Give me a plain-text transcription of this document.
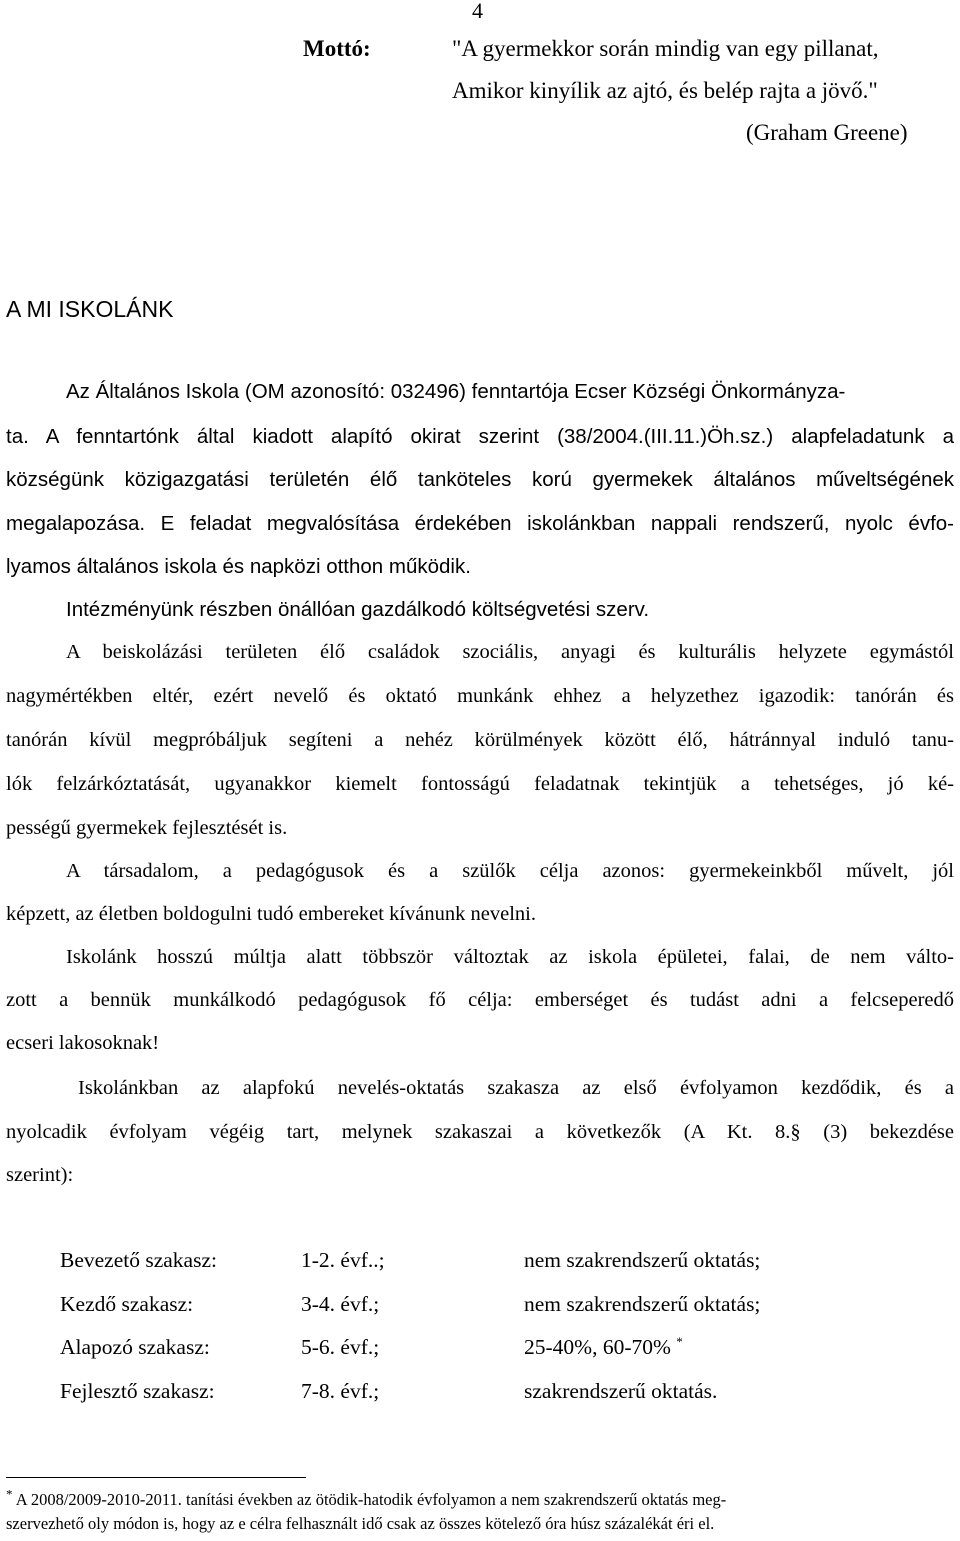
4
Mottó:	"A gyermekkor során mindig van egy pillanat,
Amikor kinyílik az ajtó, és belép rajta a jövő."
(Graham Greene)
A MI ISKOLÁNK
Az Általános Iskola (OM azonosító: 032496) fenntartója Ecser Községi Önkormányza-
ta. A fenntartónk által kiadott alapító okirat szerint (38/2004.(III.11.)Öh.sz.) alapfeladatunk a
községünk közigazgatási területén élő tanköteles korú gyermekek általános műveltségének
megalapozása. E feladat megvalósítása érdekében iskolánkban nappali rendszerű, nyolc évfo-
lyamos általános iskola és napközi otthon működik.
Intézményünk részben önállóan gazdálkodó költségvetési szerv.
A beiskolázási területen élő családok szociális, anyagi és kulturális helyzete egymástól
nagymértékben eltér, ezért nevelő és oktató munkánk ehhez a helyzethez igazodik: tanórán és
tanórán kívül megpróbáljuk segíteni a nehéz körülmények között élő, hátránnyal induló tanu-
lók felzárkóztatását, ugyanakkor kiemelt fontosságú feladatnak tekintjük a tehetséges, jó ké-
pességű gyermekek fejlesztését is.
A társadalom, a pedagógusok és a szülők célja azonos: gyermekeinkből művelt, jól
képzett, az életben boldogulni tudó embereket kívánunk nevelni.
Iskolánk hosszú múltja alatt többször változtak az iskola épületei, falai, de nem válto-
zott a bennük munkálkodó pedagógusok fő célja: emberséget és tudást adni a felcseperedő
ecseri lakosoknak!
Iskolánkban az alapfokú nevelés-oktatás szakasza az első évfolyamon kezdődik, és a
nyolcadik évfolyam végéig tart, melynek szakaszai a következők (A Kt. 8.§ (3) bekezdése
szerint):
Bevezető szakasz:	1-2. évf..;	nem szakrendszerű oktatás;
Kezdő szakasz:	3-4. évf.;	nem szakrendszerű oktatás;
Alapozó szakasz:	5-6. évf.;	25-40%, 60-70% *
Fejlesztő szakasz:	7-8. évf.;	szakrendszerű oktatás.
* A 2008/2009-2010-2011. tanítási években az ötödik-hatodik évfolyamon a nem szakrendszerű oktatás meg-
szervezhető oly módon is, hogy az e célra felhasznált idő csak az összes kötelező óra húsz százalékát éri el.
